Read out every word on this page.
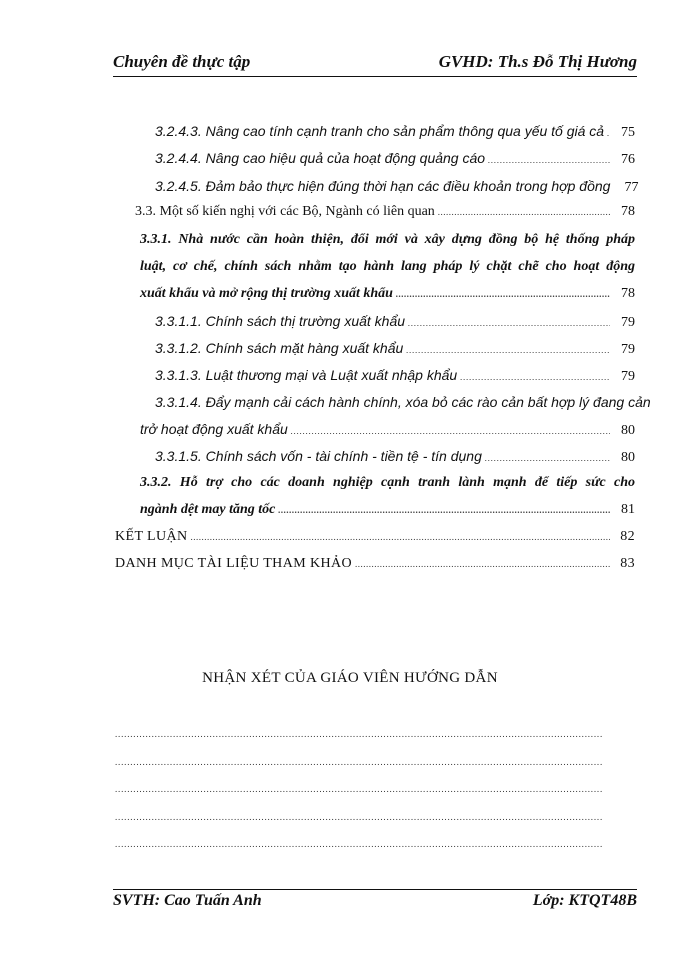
Chuyên đề thực tập	GVHD: Th.s Đỗ Thị Hương
3.2.4.3. Nâng cao tính cạnh tranh cho sản phẩm thông qua yếu tố giá cả .....	75
3.2.4.4. Nâng cao hiệu quả của hoạt động quảng cáo .....	76
3.2.4.5. Đảm bảo thực hiện đúng thời hạn các điều khoản trong hợp đồng	77
3.3. Một số kiến nghị với các Bộ, Ngành có liên quan .....	78
3.3.1. Nhà nước cần hoàn thiện, đổi mới và xây dựng đồng bộ hệ thống pháp
luật, cơ chế, chính sách nhằm tạo hành lang pháp lý chặt chẽ cho hoạt động
xuất khẩu và mở rộng thị trường xuất khẩu .....	78
3.3.1.1. Chính sách thị trường xuất khẩu .....	79
3.3.1.2. Chính sách mặt hàng xuất khẩu .....	79
3.3.1.3. Luật thương mại và Luật xuất nhập khẩu .....	79
3.3.1.4. Đẩy mạnh cải cách hành chính, xóa bỏ các rào cản bất hợp lý đang cản
trở hoạt động xuất khẩu .....	80
3.3.1.5. Chính sách vốn - tài chính - tiền tệ - tín dụng .....	80
3.3.2. Hỗ trợ cho các doanh nghiệp cạnh tranh lành mạnh để tiếp sức cho
ngành dệt may tăng tốc .....	81
KẾT LUẬN .....	82
DANH MỤC TÀI LIỆU THAM KHẢO .....	83
NHẬN XÉT CỦA GIÁO VIÊN HƯỚNG DẪN
.....
.....
.....
.....
.....
SVTH: Cao Tuấn Anh	Lớp: KTQT48B
